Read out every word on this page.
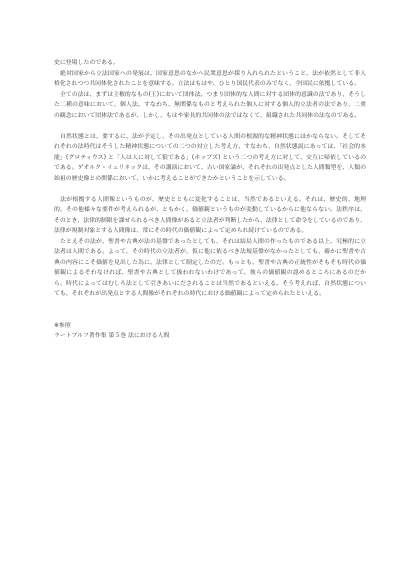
史に登場したのである。
　絶対国家から立法国家への発展は、国家意思のなかへ民衆意思が採り入れられたということ、法が依然として非人格化されつつ共同体化されたことを意味する。立法はもはや、ひとり国民代表のみでなく、全国民に依拠している。
　全ての法は、まずは主権的なもの(王)において団体法、つまり団体的な人間に対する団体的意識の法であり、そうした二種の意味において、個人法、すなわち、無関係なものと考えられた個人に対する個人的立法者の法であり、二重の観念において団体法であるが、しかし、もはや家長的共同体の法ではなくて、組織された共同体の法なのである。

　自然状態とは、要するに、法が予定し、その出発点としている人間の根源的な精神状態にほかならない。そしてそれぞれの法時代はそうした精神状態についての二つの対立した考え方、すなわち、自然状態説にあっては、「社会的本能」(グロティウス) と「人は人に対して狼である」(ホッブズ) という二つの考え方に対して、交互に帰依しているのである。ゲオルク・イェリネックは、その講演において、古い国家論が、それぞれの出発点とした人間類型を、人類の始祖の歴史像との関係において、いかに考えることができたかということを示している。

　法が根拠する人間像というものが、歴史とともに変化することは、当然であるといえる。それは、歴史的、地理的、その他様々な要件が考えられるが、ともかく、価値観というものが変動しているからに他ならない。法秩序は、そのとき、法律的制限を課せられるべき人間像があると立法者が判断したから、法律として命令をしているのであり、法律が規制対象とする人間像は、常にその時代の価値観によって定められ続けているのである。
　たとえその法が、聖書や古典が法の基盤であったとしても、それは結局人間の作ったものである以上、究極的に立法者は人間である。よって、その時代の立法者が、仮に他に依るべき法規基盤がなかったとしても、確かに聖書や古典の内容にこそ価値を見出した為に、法律として制定したのだ。もっとも、聖書や古典の正統性がそもそも時代の価値観によるそわなければ、聖書や古典として扱われないわけであって、彼らの価値観の認めるところにあるのだから、時代によってはむしろ法として引きあいにだされることは当然であるといえる。そう考えれば、自然状態についても、それぞれが出発点とする人間像がそれぞれの時代における価値観によって定められたといえる。

※参照

ラートブルフ著作集 第５巻 法における人間
